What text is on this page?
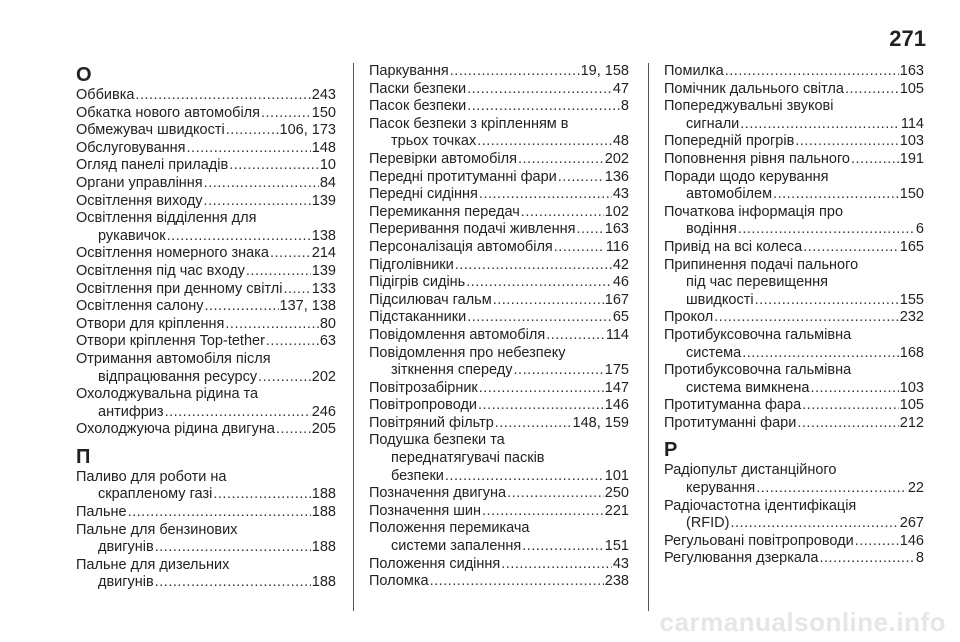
271
О
Оббивка .....	243
Обкатка нового автомобіля .....	150
Обмежувач швидкості .....	106, 173
Обслуговування .....	148
Огляд панелі приладів .....	10
Органи управління .....	84
Освітлення виходу .....	139
Освітлення відділення для
рукавичок .....	138
Освітлення номерного знака .....	214
Освітлення під час входу .....	139
Освітлення при денному світлі ..... 133
Освітлення салону .....	137, 138
Отвори для кріплення .....	80
Отвори кріплення Top-tether .....	63
Отримання автомобіля після
відпрацювання ресурсу .....	202
Охолоджувальна рідина та
антифриз .....	246
Охолоджуюча рідина двигуна .....	205
П
Паливо для роботи на
скрапленому газі .....	188
Пальне .....	188
Пальне для бензинових
двигунів .....	188
Пальне для дизельних
двигунів .....	188
Паркування .....	19, 158
Паски безпеки .....	47
Пасок безпеки .....	8
Пасок безпеки з кріпленням в
трьох точках .....	48
Перевірки автомобіля .....	202
Передні протитуманні фари .....	136
Передні сидіння .....	43
Перемикання передач .....	102
Переривання подачі живлення ..... 163
Персоналізація автомобіля .....	116
Підголівники .....	42
Підігрів сидінь .....	46
Підсилювач гальм .....	167
Підстаканники .....	65
Повідомлення автомобіля .....	114
Повідомлення про небезпеку
зіткнення спереду .....	175
Повітрозабірник .....	147
Повітропроводи .....	146
Повітряний фільтр .....	148, 159
Подушка безпеки та
переднатягувачі пасків
безпеки .....	101
Позначення двигуна .....	250
Позначення шин .....	221
Положення перемикача
системи запалення .....	151
Положення сидіння .....	43
Поломка .....	238
Помилка .....	163
Помічник дальнього світла .....	105
Попереджувальні звукові
сигнали .....	114
Попередній прогрів .....	103
Поповнення рівня пального .....	191
Поради щодо керування
автомобілем .....	150
Початкова інформація про
водіння .....	6
Привід на всі колеса .....	165
Припинення подачі пального
під час перевищення
швидкості .....	155
Прокол .....	232
Протибуксовочна гальмівна
система .....	168
Протибуксовочна гальмівна
система вимкнена .....	103
Протитуманна фара .....	105
Протитуманні фари .....	212
Р
Радіопульт дистанційного
керування .....	22
Радіочастотна ідентифікація
(RFID) .....	267
Регульовані повітропроводи .....	146
Регулювання дзеркала .....	8
carmanualsonline.info
